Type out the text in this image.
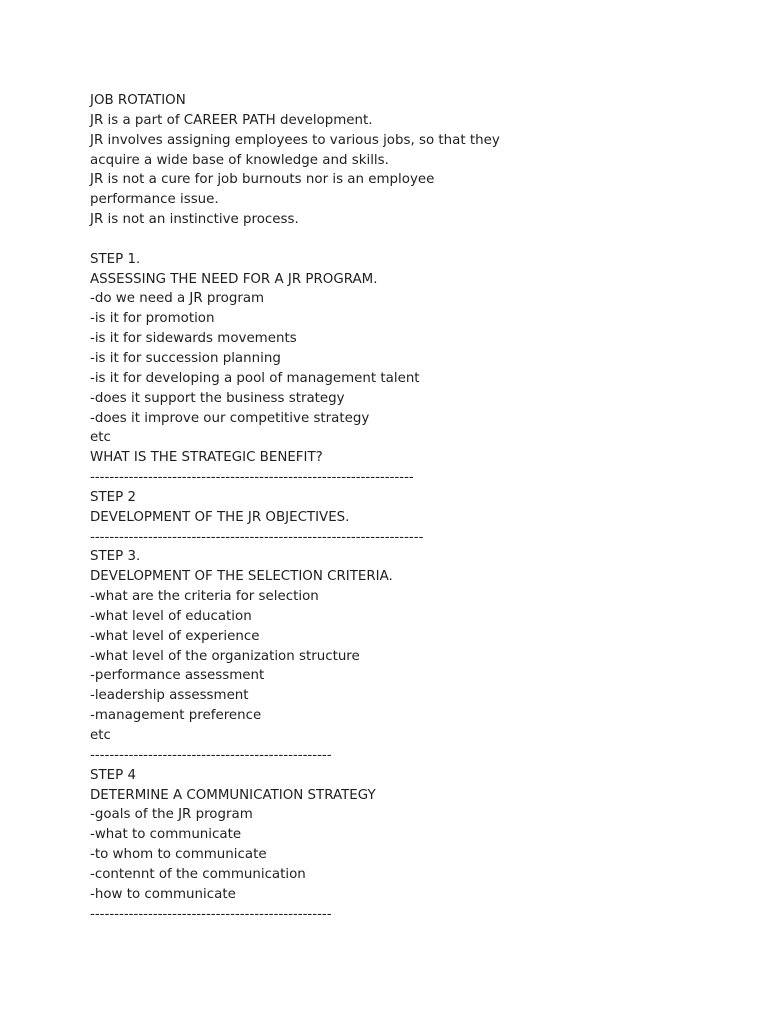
JOB ROTATION
JR is a part of CAREER PATH development.
JR involves assigning employees to various jobs, so that they
acquire a wide base of knowledge and skills.
JR is not a cure for job burnouts nor is an employee
performance issue.
JR is not an instinctive process.
STEP 1.
ASSESSING THE NEED FOR A JR PROGRAM.
-do we need a JR program
-is it for promotion
-is it for sidewards movements
-is it for succession planning
-is it for developing a pool of management talent
-does it support the business strategy
-does it improve our competitive strategy
etc
WHAT IS THE STRATEGIC BENEFIT?
-------------------------------------------------------------------
STEP 2
DEVELOPMENT OF THE JR OBJECTIVES.
---------------------------------------------------------------------
STEP 3.
DEVELOPMENT OF THE SELECTION CRITERIA.
-what are the criteria for selection
-what level of education
-what level of experience
-what level of the organization structure
-performance assessment
-leadership assessment
-management preference
etc
--------------------------------------------------
STEP 4
DETERMINE A COMMUNICATION STRATEGY
-goals of the JR program
-what to communicate
-to whom to communicate
-contennt of the communication
-how to communicate
--------------------------------------------------
